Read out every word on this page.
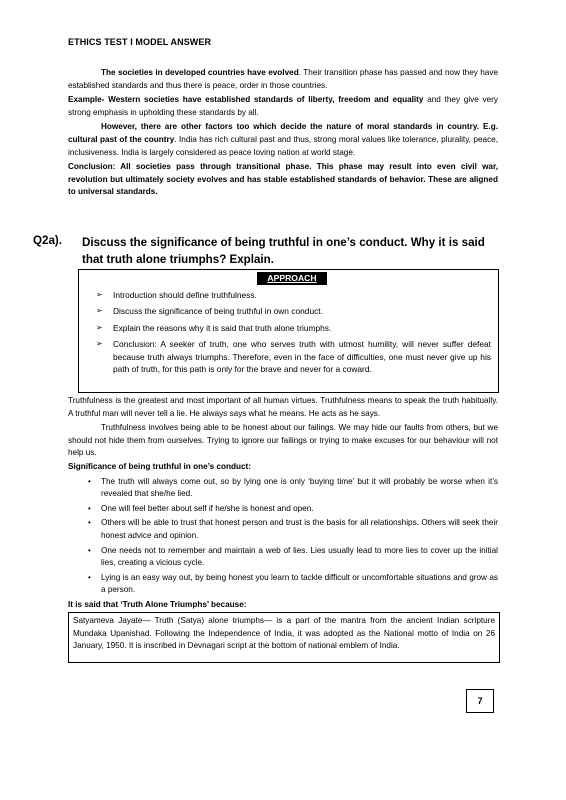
ETHICS TEST I MODEL ANSWER

The societies in developed countries have evolved. Their transition phase has passed and now they have established standards and thus there is peace, order in those countries.

Example- Western societies have established standards of liberty, freedom and equality and they give very strong emphasis in upholding these standards by all.

However, there are other factors too which decide the nature of moral standards in country. E.g. cultural past of the country. India has rich cultural past and thus, strong moral values like tolerance, plurality, peace, inclusiveness. India is largely considered as peace loving nation at world stage.

Conclusion: All societies pass through transitional phase. This phase may result into even civil war, revolution but ultimately society evolves and has stable established standards of behavior. These are aligned to universal standards.

Q2a). Discuss the significance of being truthful in one’s conduct. Why it is said that truth alone triumphs? Explain.
APPROACH
➢ Introduction should define truthfulness.
➢ Discuss the significance of being truthful in own conduct.
➢ Explain the reasons why it is said that truth alone triumphs.
➢ Conclusion: A seeker of truth, one who serves truth with utmost humility, will never suffer defeat because truth always triumphs. Therefore, even in the face of difficulties, one must never give up his path of truth, for this path is only for the brave and never for a coward.

Truthfulness is the greatest and most important of all human virtues. Truthfulness means to speak the truth habitually. A truthful man will never tell a lie. He always says what he means. He acts as he says.

Truthfulness involves being able to be honest about our failings. We may hide our faults from others, but we should not hide them from ourselves. Trying to ignore our failings or trying to make excuses for our behaviour will not help us.

Significance of being truthful in one’s conduct:

• The truth will always come out, so by lying one is only ‘buying time’ but it will probably be worse when it’s revealed that she/he lied.
• One will feel better about self if he/she is honest and open.
• Others will be able to trust that honest person and trust is the basis for all relationships. Others will seek their honest advice and opinion.
• One needs not to remember and maintain a web of lies. Lies usually lead to more lies to cover up the initial lies, creating a vicious cycle.
• Lying is an easy way out, by being honest you learn to tackle difficult or uncomfortable situations and grow as a person.

It is said that ‘Truth Alone Triumphs’ because:

Satyameva Jayate— Truth (Satya) alone triumphs— is a part of the mantra from the ancient Indian scripture Mundaka Upanishad. Following the Independence of India, it was adopted as the National motto of India on 26 January, 1950. It is inscribed in Devnagari script at the bottom of national emblem of India.
7
